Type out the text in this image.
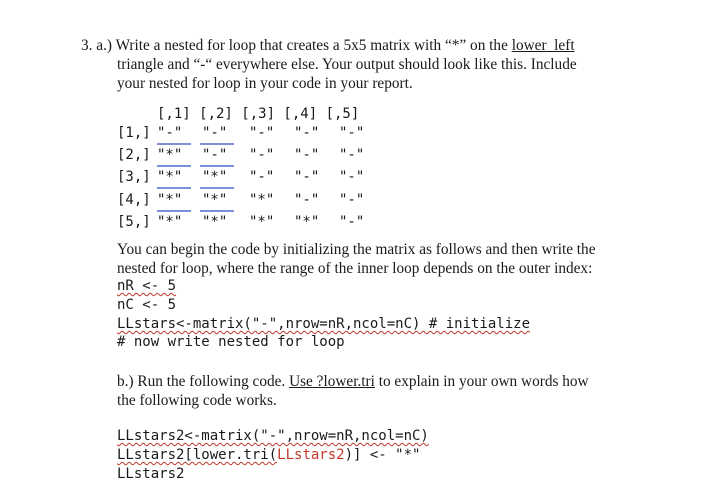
3. a.) Write a nested for loop that creates a 5x5 matrix with “*” on the lower  left
triangle and “-“ everywhere else. Your output should look like this. Include
your nested for loop in your code in your report.
[,1] [,2] [,3] [,4] [,5]
[1,] "-" "-" "-" "-" "-"
[2,] "*" "-" "-" "-" "-"
[3,] "*" "*" "-" "-" "-"
[4,] "*" "*" "*" "-" "-"
[5,] "*" "*" "*" "*" "-"
You can begin the code by initializing the matrix as follows and then write the
nested for loop, where the range of the inner loop depends on the outer index:
nR <- 5
nC <- 5
LLstars<-matrix("-",nrow=nR,ncol=nC) # initialize
# now write nested for loop
b.) Run the following code. Use ?lower.tri to explain in your own words how
the following code works.
LLstars2<-matrix("-",nrow=nR,ncol=nC)
LLstars2[lower.tri(LLstars2)] <- "*"
LLstars2
